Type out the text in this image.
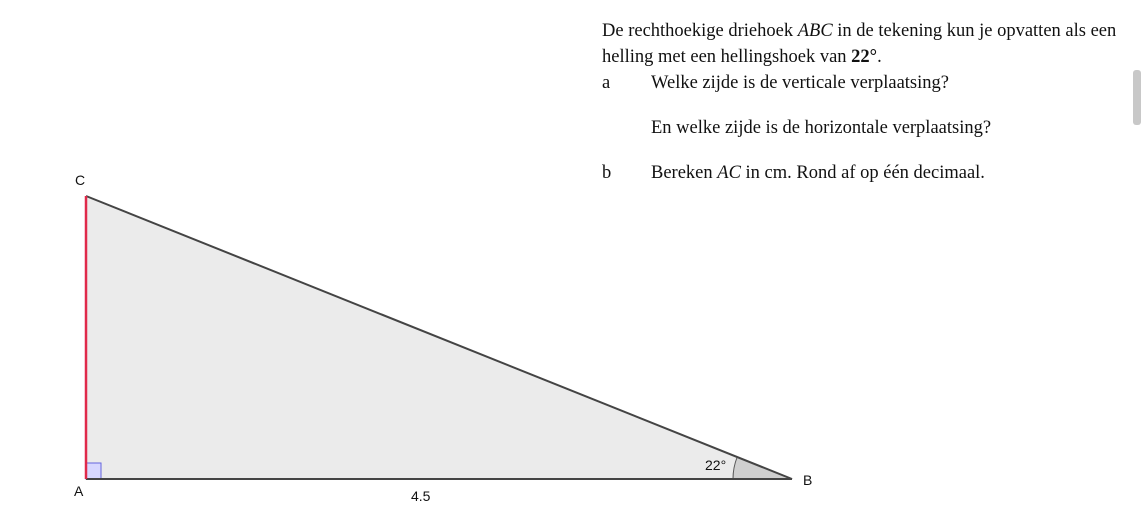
C
A
B
22°
4.5

De rechthoekige driehoek ABC in de tekening kun je opvatten als een helling met een hellingshoek van 22°.

a Welke zijde is de verticale verplaatsing?

En welke zijde is de horizontale verplaatsing?

b Bereken AC in cm. Rond af op één decimaal.
